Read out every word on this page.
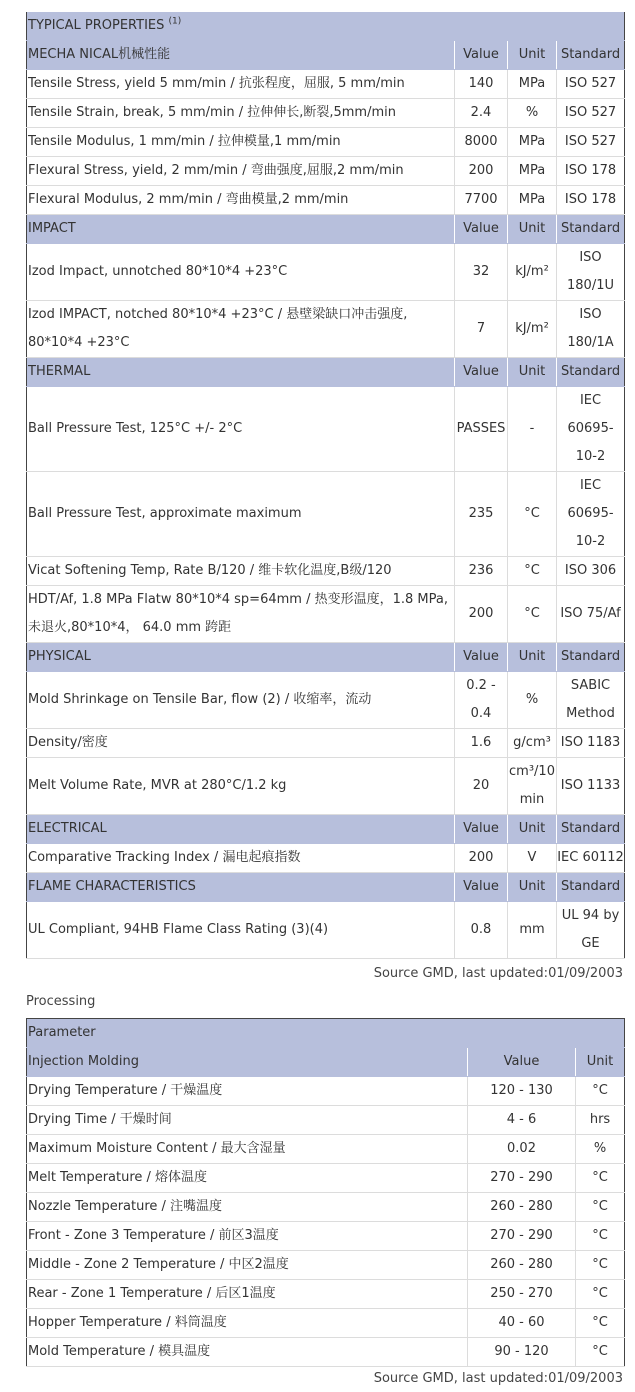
TYPICAL PROPERTIES $^{(1)}$
MECHA NICAL机械性能	Value	Unit	Standard
Tensile Stress, yield 5 mm/min / 抗张程度，屈服, 5 mm/min	140	MPa	ISO 527
Tensile Strain, break, 5 mm/min / 拉伸伸长,断裂,5mm/min	2.4	%	ISO 527
Tensile Modulus, 1 mm/min / 拉伸模量,1 mm/min	8000	MPa	ISO 527
Flexural Stress, yield, 2 mm/min / 弯曲强度,屈服,2 mm/min	200	MPa	ISO 178
Flexural Modulus, 2 mm/min / 弯曲模量,2 mm/min	7700	MPa	ISO 178
IMPACT	Value	Unit	Standard
Izod Impact, unnotched 80*10*4 +23°C	32	kJ/m²	ISO 180/1U
Izod IMPACT, notched 80*10*4 +23°C / 悬壁梁缺口冲击强度, 80*10*4 +23°C	7	kJ/m²	ISO 180/1A
THERMAL	Value	Unit	Standard
Ball Pressure Test, 125°C +/- 2°C	PASSES	-	IEC 60695-10-2
Ball Pressure Test, approximate maximum	235	°C	IEC 60695-10-2
Vicat Softening Temp, Rate B/120 / 维卡软化温度,B级/120	236	°C	ISO 306
HDT/Af, 1.8 MPa Flatw 80*10*4 sp=64mm / 热变形温度，1.8 MPa, 未退火,80*10*4， 64.0 mm 跨距	200	°C	ISO 75/Af
PHYSICAL	Value	Unit	Standard
Mold Shrinkage on Tensile Bar, flow (2) / 收缩率，流动	0.2 - 0.4	%	SABIC Method
Density/密度	1.6	g/cm³	ISO 1183
Melt Volume Rate, MVR at 280°C/1.2 kg	20	cm³/10 min	ISO 1133
ELECTRICAL	Value	Unit	Standard
Comparative Tracking Index / 漏电起痕指数	200	V	IEC 60112
FLAME CHARACTERISTICS	Value	Unit	Standard
UL Compliant, 94HB Flame Class Rating (3)(4)	0.8	mm	UL 94 by GE
Source GMD, last updated:01/09/2003
Processing
Parameter		
Injection Molding	Value	Unit
Drying Temperature / 干燥温度	120 - 130	°C
Drying Time / 干燥时间	4 - 6	hrs
Maximum Moisture Content / 最大含湿量	0.02	%
Melt Temperature / 熔体温度	270 - 290	°C
Nozzle Temperature / 注嘴温度	260 - 280	°C
Front - Zone 3 Temperature / 前区3温度	270 - 290	°C
Middle - Zone 2 Temperature / 中区2温度	260 - 280	°C
Rear - Zone 1 Temperature / 后区1温度	250 - 270	°C
Hopper Temperature / 料筒温度	40 - 60	°C
Mold Temperature / 模具温度	90 - 120	°C
Source GMD, last updated:01/09/2003
